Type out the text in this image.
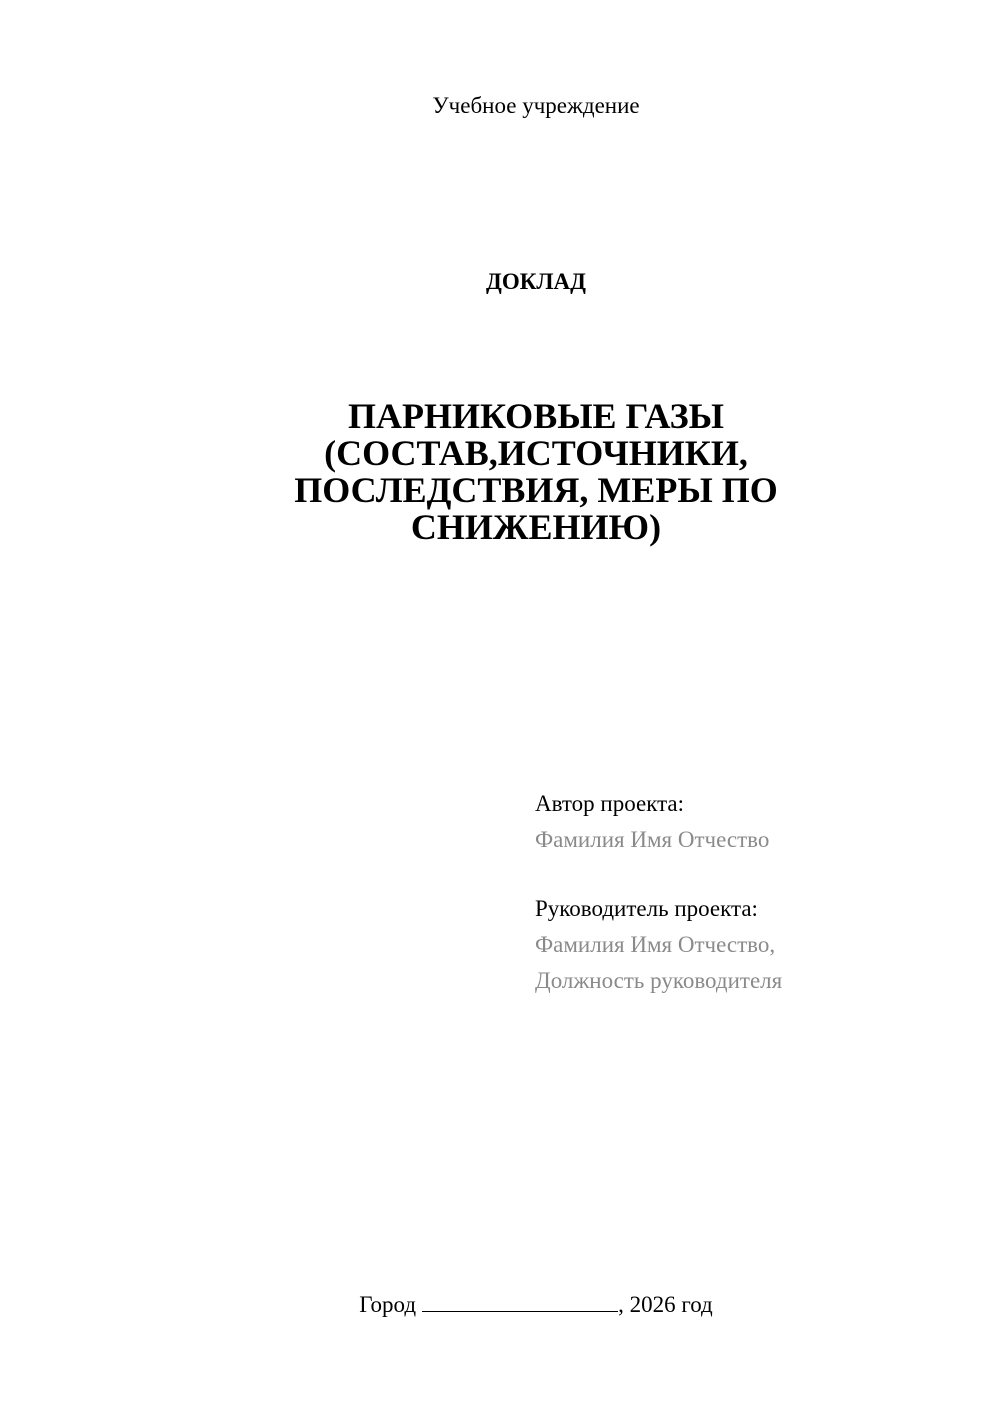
Учебное учреждение
ДОКЛАД
ПАРНИКОВЫЕ ГАЗЫ
(СОСТАВ,ИСТОЧНИКИ,
ПОСЛЕДСТВИЯ, МЕРЫ ПО
СНИЖЕНИЮ)
Автор проекта:
Фамилия Имя Отчество
Руководитель проекта:
Фамилия Имя Отчество,
Должность руководителя
Город	, 2026 год
